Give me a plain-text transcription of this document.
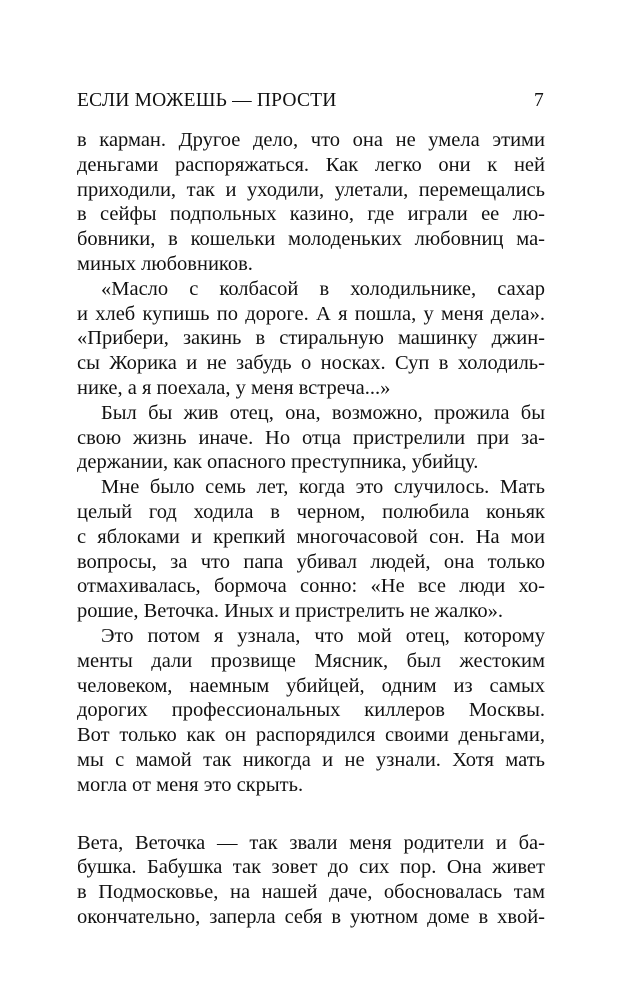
ЕСЛИ МОЖЕШЬ — ПРОСТИ	7
в карман. Другое дело, что она не умела этими
деньгами распоряжаться. Как легко они к ней
приходили, так и уходили, улетали, перемещались
в сейфы подпольных казино, где играли ее лю-
бовники, в кошельки молоденьких любовниц ма-
миных любовников.
«Масло с колбасой в холодильнике, сахар
и хлеб купишь по дороге. А я пошла, у меня дела».
«Прибери, закинь в стиральную машинку джин-
сы Жорика и не забудь о носках. Суп в холодиль-
нике, а я поехала, у меня встреча...»
Был бы жив отец, она, возможно, прожила бы
свою жизнь иначе. Но отца пристрелили при за-
держании, как опасного преступника, убийцу.
Мне было семь лет, когда это случилось. Мать
целый год ходила в черном, полюбила коньяк
с яблоками и крепкий многочасовой сон. На мои
вопросы, за что папа убивал людей, она только
отмахивалась, бормоча сонно: «Не все люди хо-
рошие, Веточка. Иных и пристрелить не жалко».
Это потом я узнала, что мой отец, которому
менты дали прозвище Мясник, был жестоким
человеком, наемным убийцей, одним из самых
дорогих профессиональных киллеров Москвы.
Вот только как он распорядился своими деньгами,
мы с мамой так никогда и не узнали. Хотя мать
могла от меня это скрыть.
Вета, Веточка — так звали меня родители и ба-
бушка. Бабушка так зовет до сих пор. Она живет
в Подмосковье, на нашей даче, обосновалась там
окончательно, заперла себя в уютном доме в хвой-
